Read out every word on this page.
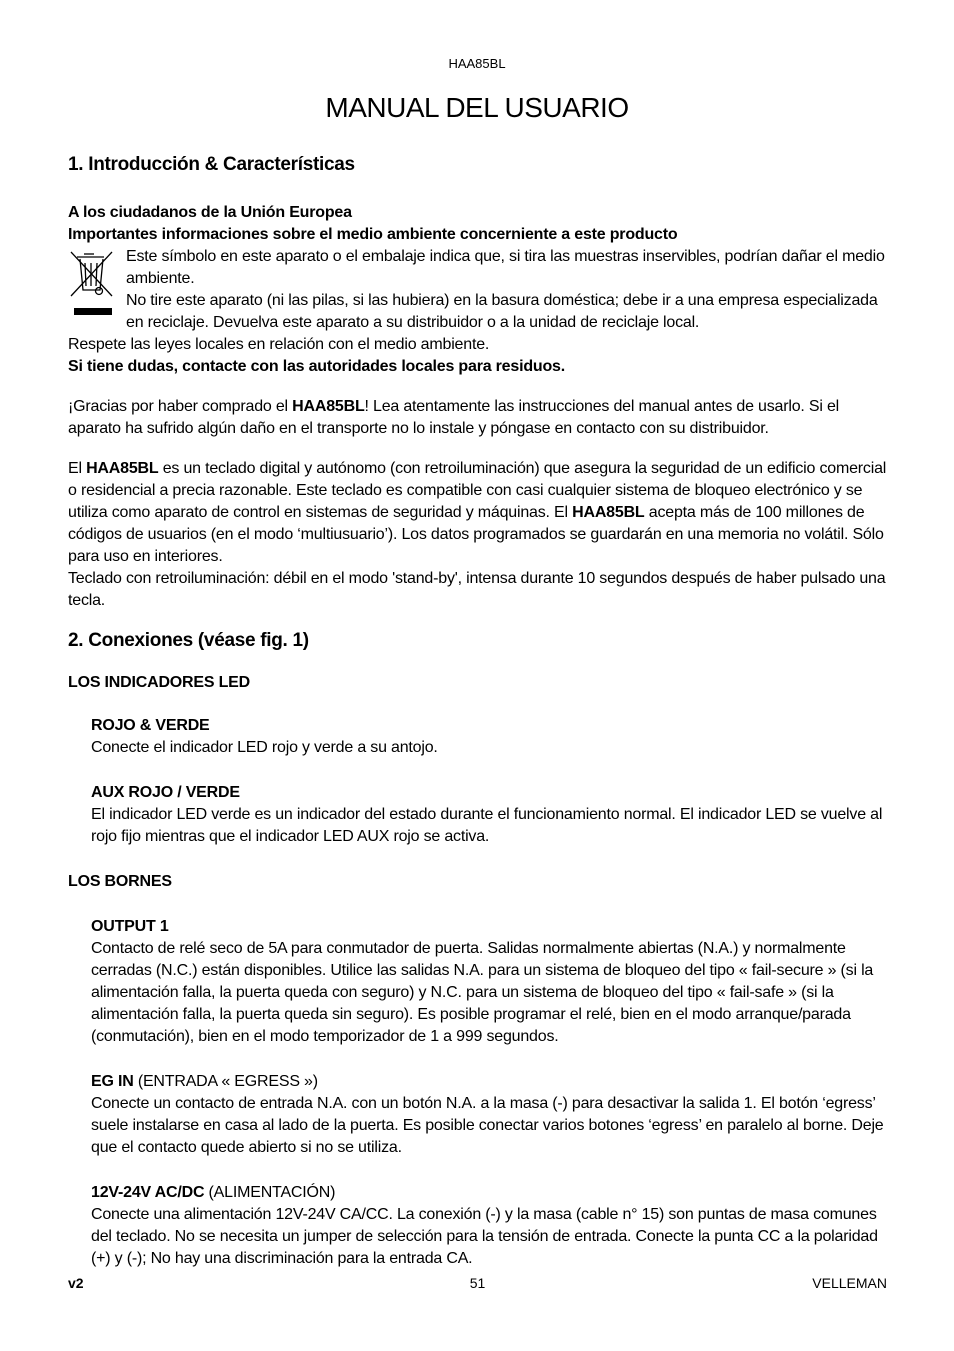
HAA85BL
MANUAL DEL USUARIO
1. Introducción & Características

A los ciudadanos de la Unión Europea

Importantes informaciones sobre el medio ambiente concerniente a este producto

Este símbolo en este aparato o el embalaje indica que, si tira las muestras inservibles, podrían dañar el medio ambiente.

No tire este aparato (ni las pilas, si las hubiera) en la basura doméstica; debe ir a una empresa especializada en reciclaje. Devuelva este aparato a su distribuidor o a la unidad de reciclaje local.

Respete las leyes locales en relación con el medio ambiente.

Si tiene dudas, contacte con las autoridades locales para residuos.

¡Gracias por haber comprado el HAA85BL! Lea atentamente las instrucciones del manual antes de usarlo. Si el aparato ha sufrido algún daño en el transporte no lo instale y póngase en contacto con su distribuidor.

El HAA85BL es un teclado digital y autónomo (con retroiluminación) que asegura la seguridad de un edificio comercial o residencial a precia razonable. Este teclado es compatible con casi cualquier sistema de bloqueo electrónico y se utiliza como aparato de control en sistemas de seguridad y máquinas. El HAA85BL acepta más de 100 millones de códigos de usuarios (en el modo ‘multiusuario’). Los datos programados se guardarán en una memoria no volátil. Sólo para uso en interiores.

Teclado con retroiluminación: débil en el modo 'stand-by', intensa durante 10 segundos después de haber pulsado una tecla.

2. Conexiones (véase fig. 1)

LOS INDICADORES LED

ROJO & VERDE

Conecte el indicador LED rojo y verde a su antojo.

AUX ROJO / VERDE

El indicador LED verde es un indicador del estado durante el funcionamiento normal. El indicador LED se vuelve al rojo fijo mientras que el indicador LED AUX rojo se activa.

LOS BORNES

OUTPUT 1

Contacto de relé seco de 5A para conmutador de puerta. Salidas normalmente abiertas (N.A.) y normalmente cerradas (N.C.) están disponibles. Utilice las salidas N.A. para un sistema de bloqueo del tipo « fail-secure » (si la alimentación falla, la puerta queda con seguro) y N.C. para un sistema de bloqueo del tipo « fail-safe » (si la alimentación falla, la puerta queda sin seguro). Es posible programar el relé, bien en el modo arranque/parada (conmutación), bien en el modo temporizador de 1 a 999 segundos.

EG IN (ENTRADA « EGRESS »)

Conecte un contacto de entrada N.A. con un botón N.A. a la masa (-) para desactivar la salida 1. El botón ‘egress’ suele instalarse en casa al lado de la puerta. Es posible conectar varios botones ‘egress’ en paralelo al borne. Deje que el contacto quede abierto si no se utiliza.

12V-24V AC/DC (ALIMENTACIÓN)

Conecte una alimentación 12V-24V CA/CC. La conexión (-) y la masa (cable n° 15) son puntas de masa comunes del teclado. No se necesita un jumper de selección para la tensión de entrada. Conecte la punta CC a la polaridad (+) y (-); No hay una discriminación para la entrada CA.

v2	51	VELLEMAN
